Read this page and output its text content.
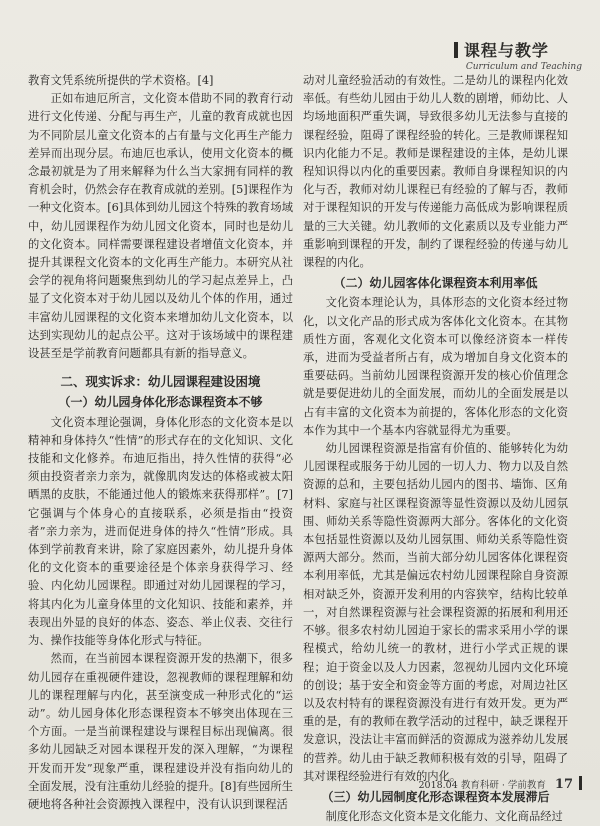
课程与教学
Curriculum and Teaching

教育文凭系统所提供的学术资格。[4]

正如布迪厄所言，文化资本借助不同的教育行动进行文化传递、分配与再生产，儿童的教育成就也因为不同阶层儿童文化资本的占有量与文化再生产能力差异而出现分层。布迪厄也承认，使用文化资本的概念最初就是为了用来解释为什么当大家拥有同样的教育机会时，仍然会存在教育成就的差别。[5]课程作为一种文化资本。[6]具体到幼儿园这个特殊的教育场域中，幼儿园课程作为幼儿园文化资本，同时也是幼儿的文化资本。同样需要课程建设者增值文化资本，并提升其课程文化资本的文化再生产能力。本研究从社会学的视角将问题聚焦到幼儿的学习起点差异上，凸显了文化资本对于幼儿园以及幼儿个体的作用，通过丰富幼儿园课程的文化资本来增加幼儿文化资本，以达到实现幼儿的起点公平。这对于该场域中的课程建设甚至是学前教育问题都具有新的指导意义。

二、现实诉求：幼儿园课程建设困境
（一）幼儿园身体化形态课程资本不够

文化资本理论强调，身体化形态的文化资本是以精神和身体持久“性情”的形式存在的文化知识、文化技能和文化修养。布迪厄指出，持久性情的获得“必须由投资者亲力亲为，就像肌肉发达的体格或被太阳晒黑的皮肤，不能通过他人的锻炼来获得那样”。[7]它强调与个体身心的直接联系，必须是指由“投资者”亲力亲为，进而促进身体的持久“性情”形成。具体到学前教育来讲，除了家庭因素外，幼儿提升身体化的文化资本的重要途径是个体亲身获得学习、经验、内化幼儿园课程。即通过对幼儿园课程的学习，将其内化为儿童身体里的文化知识、技能和素养，并表现出外显的良好的体态、姿态、举止仪表、交往行为、操作技能等身体化形式与特征。

然而，在当前园本课程资源开发的热潮下，很多幼儿园存在重视硬件建设，忽视教师的课程理解和幼儿的课程理解与内化，甚至演变成一种形式化的“运动”。幼儿园身体化形态课程资本不够突出体现在三个方面。一是当前课程建设与课程目标出现偏离。很多幼儿园缺乏对园本课程开发的深入理解，“为课程开发而开发”现象严重，课程建设并没有指向幼儿的全面发展，没有注重幼儿经验的提升。[8]有些园所生硬地将各种社会资源拽入课程中，没有认识到课程活

动对儿童经验活动的有效性。二是幼儿的课程内化效率低。有些幼儿园由于幼儿人数的剧增，师幼比、人均场地面积严重失调，导致很多幼儿无法参与直接的课程经验，阻碍了课程经验的转化。三是教师课程知识内化能力不足。教师是课程建设的主体，是幼儿课程知识得以内化的重要因素。教师自身课程知识的内化与否，教师对幼儿课程已有经验的了解与否，教师对于课程知识的开发与传递能力高低成为影响课程质量的三大关键。幼儿教师的文化素质以及专业能力严重影响到课程的开发，制约了课程经验的传递与幼儿课程的内化。

（二）幼儿园客体化课程资本利用率低

文化资本理论认为，具体形态的文化资本经过物化，以文化产品的形式成为客体化文化资本。在其物质性方面，客观化文化资本可以像经济资本一样传承，进而为受益者所占有，成为增加自身文化资本的重要砝码。当前幼儿园课程资源开发的核心价值理念就是要促进幼儿的全面发展，而幼儿的全面发展是以占有丰富的文化资本为前提的，客体化形态的文化资本作为其中一个基本内容就显得尤为重要。

幼儿园课程资源是指富有价值的、能够转化为幼儿园课程或服务于幼儿园的一切人力、物力以及自然资源的总和，主要包括幼儿园内的图书、墙饰、区角材料、家庭与社区课程资源等显性资源以及幼儿园氛围、师幼关系等隐性资源两大部分。客体化的文化资本包括显性资源以及幼儿园氛围、师幼关系等隐性资源两大部分。然而，当前大部分幼儿园客体化课程资本利用率低，尤其是偏远农村幼儿园课程除自身资源相对缺乏外，资源开发利用的内容狭窄，结构比较单一，对自然课程资源与社会课程资源的拓展和利用还不够。很多农村幼儿园迫于家长的需求采用小学的课程模式，给幼儿统一的教材，进行小学式正规的课程；迫于资金以及人力因素，忽视幼儿园内文化环境的创设；基于安全和资金等方面的考虑，对周边社区以及农村特有的课程资源没有进行有效开发。更为严重的是，有的教师在教学活动的过程中，缺乏课程开发意识，没法让丰富而鲜活的资源成为滋养幼儿发展的营养。幼儿由于缺乏教师积极有效的引导，阻碍了其对课程经验进行有效的内化。

（三）幼儿园制度化形态课程资本发展滞后

制度化形态文化资本是文化能力、文化商品经过

2018.04 教育科研 · 学前教育 17
